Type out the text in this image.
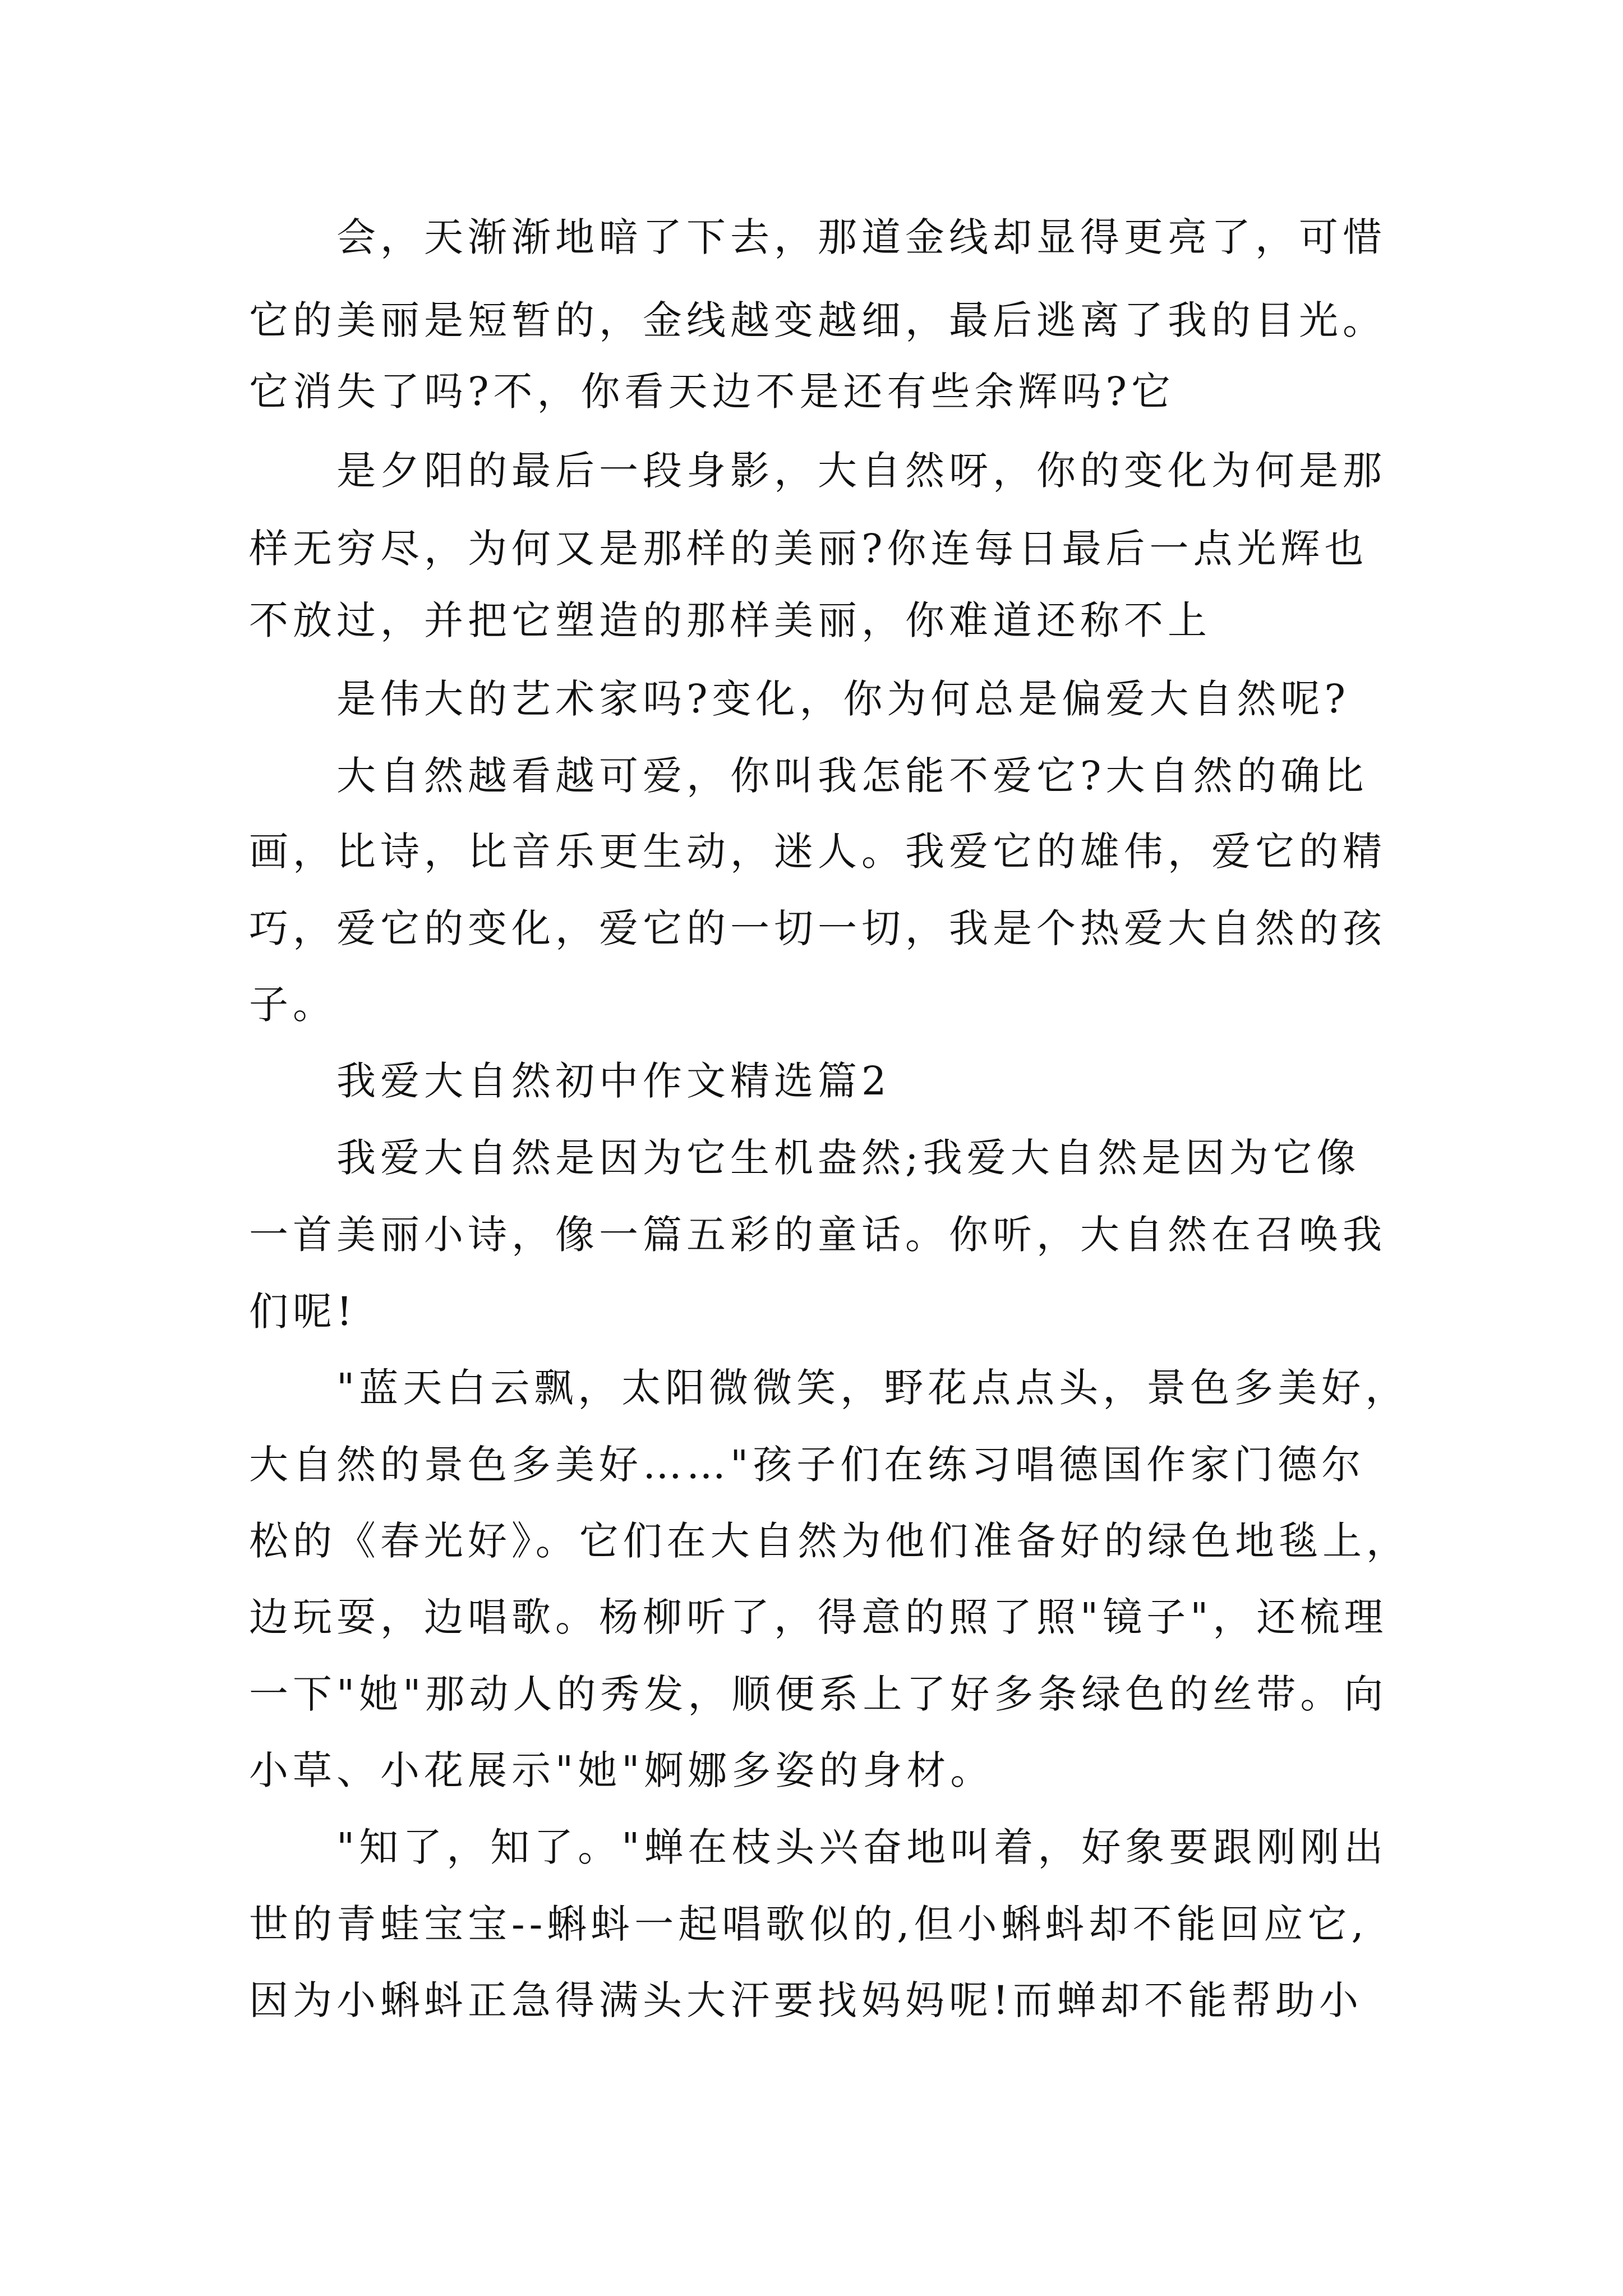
会，天渐渐地暗了下去，那道金线却显得更亮了，可惜
它的美丽是短暂的，金线越变越细，最后逃离了我的目光。
它消失了吗?不，你看天边不是还有些余辉吗?它
是夕阳的最后一段身影，大自然呀，你的变化为何是那
样无穷尽，为何又是那样的美丽?你连每日最后一点光辉也
不放过，并把它塑造的那样美丽，你难道还称不上
是伟大的艺术家吗?变化，你为何总是偏爱大自然呢?
大自然越看越可爱，你叫我怎能不爱它?大自然的确比
画，比诗，比音乐更生动，迷人。我爱它的雄伟，爱它的精
巧，爱它的变化，爱它的一切一切，我是个热爱大自然的孩
子。
我爱大自然初中作文精选篇2
我爱大自然是因为它生机盎然;我爱大自然是因为它像
一首美丽小诗，像一篇五彩的童话。你听，大自然在召唤我
们呢!
"蓝天白云飘，太阳微微笑，野花点点头，景色多美好，
大自然的景色多美好……"孩子们在练习唱德国作家门德尔
松的《春光好》。它们在大自然为他们准备好的绿色地毯上，
边玩耍，边唱歌。杨柳听了，得意的照了照"镜子"，还梳理
一下"她"那动人的秀发，顺便系上了好多条绿色的丝带。向
小草、小花展示"她"婀娜多姿的身材。
"知了，知了。"蝉在枝头兴奋地叫着，好象要跟刚刚出
世的青蛙宝宝--蝌蚪一起唱歌似的,但小蝌蚪却不能回应它,
因为小蝌蚪正急得满头大汗要找妈妈呢!而蝉却不能帮助小
